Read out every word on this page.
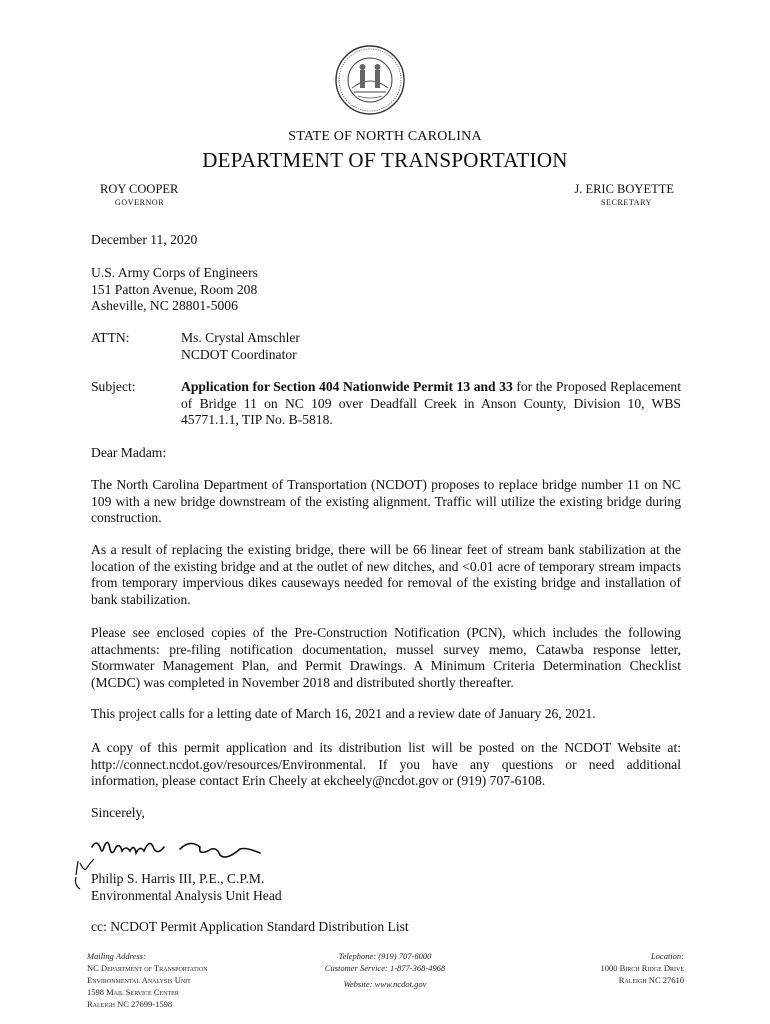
STATE OF NORTH CAROLINA
DEPARTMENT OF TRANSPORTATION
ROY COOPER
GOVERNOR
J. ERIC BOYETTE
SECRETARY
December 11, 2020
U.S. Army Corps of Engineers
151 Patton Avenue, Room 208
Asheville, NC 28801-5006
ATTN:	Ms. Crystal Amschler
NCDOT Coordinator
Subject:	Application for Section 404 Nationwide Permit 13 and 33 for the Proposed Replacement of Bridge 11 on NC 109 over Deadfall Creek in Anson County, Division 10, WBS 45771.1.1, TIP No. B-5818.
Dear Madam:
The North Carolina Department of Transportation (NCDOT) proposes to replace bridge number 11 on NC 109 with a new bridge downstream of the existing alignment. Traffic will utilize the existing bridge during construction.
As a result of replacing the existing bridge, there will be 66 linear feet of stream bank stabilization at the location of the existing bridge and at the outlet of new ditches, and <0.01 acre of temporary stream impacts from temporary impervious dikes causeways needed for removal of the existing bridge and installation of bank stabilization.
Please see enclosed copies of the Pre-Construction Notification (PCN), which includes the following attachments: pre-filing notification documentation, mussel survey memo, Catawba response letter, Stormwater Management Plan, and Permit Drawings. A Minimum Criteria Determination Checklist (MCDC) was completed in November 2018 and distributed shortly thereafter.
This project calls for a letting date of March 16, 2021 and a review date of January 26, 2021.
A copy of this permit application and its distribution list will be posted on the NCDOT Website at: http://connect.ncdot.gov/resources/Environmental. If you have any questions or need additional information, please contact Erin Cheely at ekcheely@ncdot.gov or (919) 707-6108.
Sincerely,
Philip S. Harris III, P.E., C.P.M.
Environmental Analysis Unit Head
cc: NCDOT Permit Application Standard Distribution List
Mailing Address:
NC Department of Transportation
Environmental Analysis Unit
1598 Mail Service Center
Raleigh NC 27699-1598
Telephone: (919) 707-6000
Customer Service: 1-877-368-4968
Website: www.ncdot.gov
Location:
1000 Birch Ridge Drive
Raleigh NC 27610
